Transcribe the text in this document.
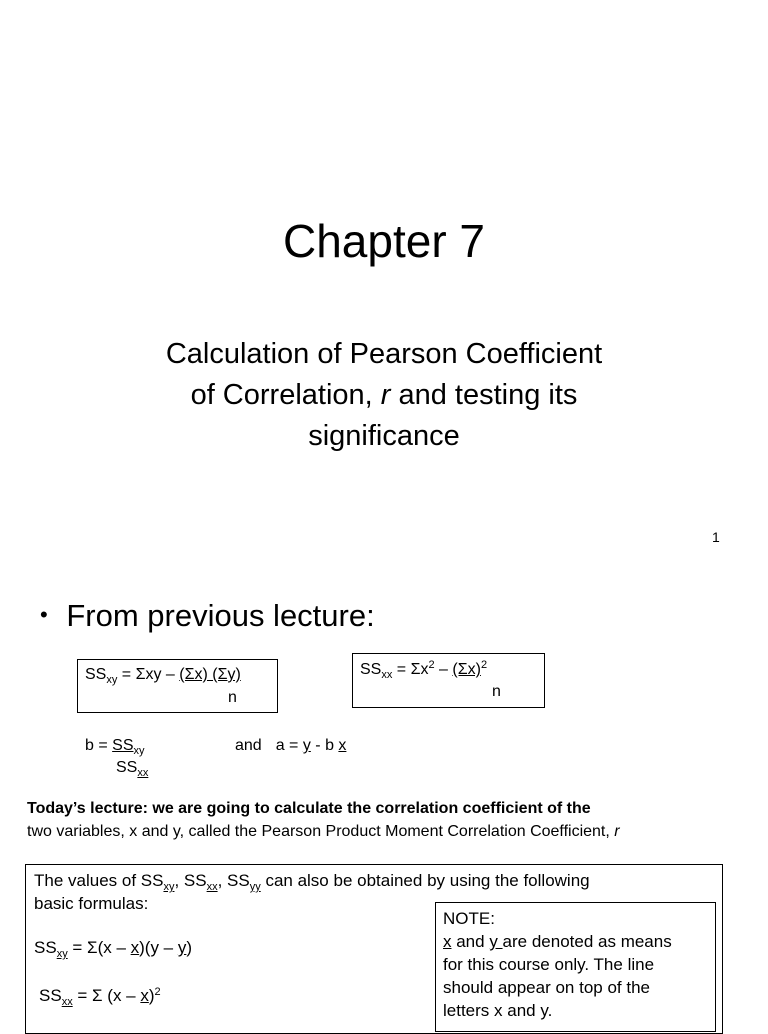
Chapter 7
Calculation of Pearson Coefficient
of Correlation, r and testing its
significance
1
• From previous lecture:
$SS_{xy} = \Sigma xy - (\Sigma x)$ (Σy)
n
$SS_{xx} = \Sigma x^2 - (\Sigma x)^2$
n
$b = SS_{xy}$
$SS_{xx}$
and a = y - b x
Today’s lecture: we are going to calculate the correlation coefficient of the
two variables, x and y, called the Pearson Product Moment Correlation Coefficient, r
The values of $SS_{xy}$, $SS_{xx}$, $SS_{yy}$ can also be obtained by using the following
basic formulas:
$SS_{xy} = \Sigma(x - x)(y - y)$
$SS_{xx} = \Sigma$ (x – x)$^2$
NOTE:
x and y are denoted as means
for this course only. The line
should appear on top of the
letters x and y.
